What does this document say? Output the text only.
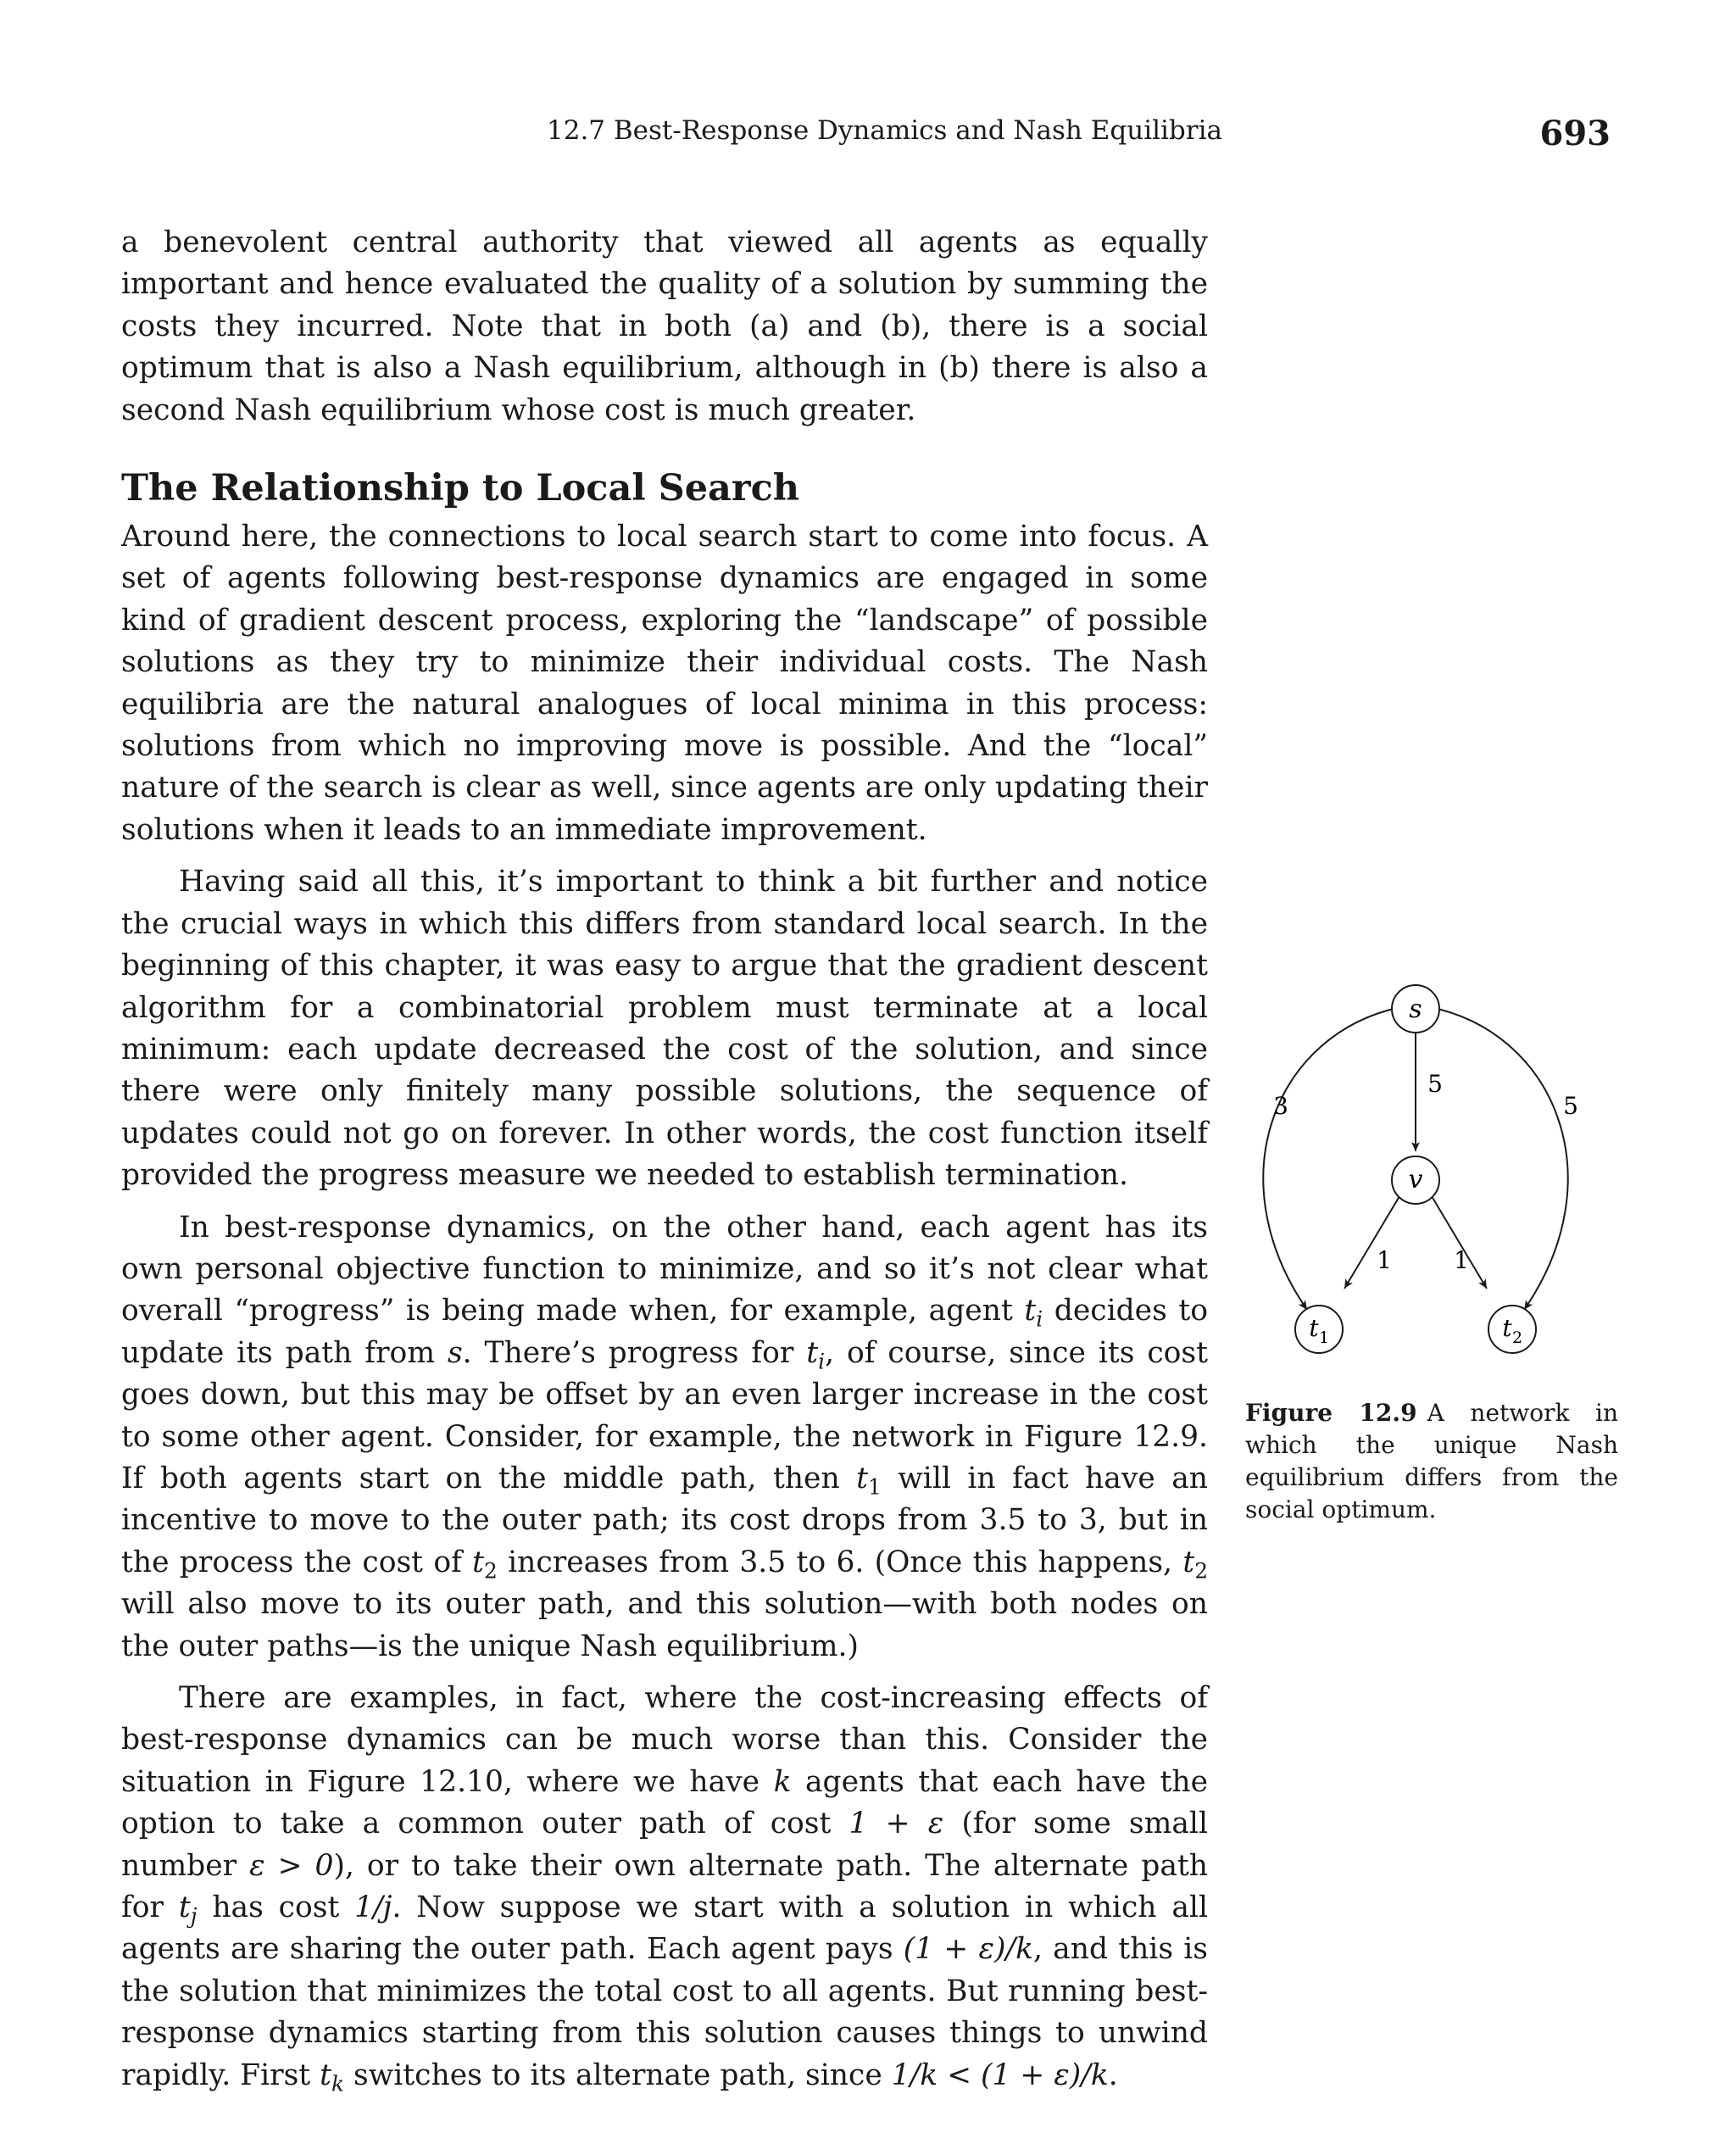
12.7 Best-Response Dynamics and Nash Equilibria	693

a benevolent central authority that viewed all agents as equally important and hence evaluated the quality of a solution by summing the costs they incurred. Note that in both (a) and (b), there is a social optimum that is also a Nash equilibrium, although in (b) there is also a second Nash equilibrium whose cost is much greater.

The Relationship to Local Search

Around here, the connections to local search start to come into focus. A set of agents following best-response dynamics are engaged in some kind of gradient descent process, exploring the “landscape” of possible solutions as they try to minimize their individual costs. The Nash equilibria are the natural analogues of local minima in this process: solutions from which no improving move is possible. And the “local” nature of the search is clear as well, since agents are only updating their solutions when it leads to an immediate improvement.

Having said all this, it’s important to think a bit further and notice the crucial ways in which this differs from standard local search. In the beginning of this chapter, it was easy to argue that the gradient descent algorithm for a combinatorial problem must terminate at a local minimum: each update decreased the cost of the solution, and since there were only finitely many possible solutions, the sequence of updates could not go on forever. In other words, the cost function itself provided the progress measure we needed to establish termination.

In best-response dynamics, on the other hand, each agent has its own personal objective function to minimize, and so it’s not clear what overall “progress” is being made when, for example, agent $t_i$ decides to update its path from s. There’s progress for $t_i$, of course, since its cost goes down, but this may be offset by an even larger increase in the cost to some other agent. Consider, for example, the network in Figure 12.9. If both agents start on the middle path, then $t_1$ will in fact have an incentive to move to the outer path; its cost drops from 3.5 to 3, but in the process the cost of $t_2$ increases from 3.5 to 6. (Once this happens, $t_2$ will also move to its outer path, and this solution—with both nodes on the outer paths—is the unique Nash equilibrium.)

There are examples, in fact, where the cost-increasing effects of best-response dynamics can be much worse than this. Consider the situation in Figure 12.10, where we have k agents that each have the option to take a common outer path of cost 1 + ε (for some small number ε > 0), or to take their own alternate path. The alternate path for $t_j$ has cost 1/j. Now suppose we start with a solution in which all agents are sharing the outer path. Each agent pays (1 + ε)/k, and this is the solution that minimizes the total cost to all agents. But running best-response dynamics starting from this solution causes things to unwind rapidly. First $t_k$ switches to its alternate path, since 1/k < (1 + ε)/k.

s
v
t 1	t 2
5
3	5
1	1
Figure 12.9 A network in which the unique Nash equilibrium differs from the social optimum.
